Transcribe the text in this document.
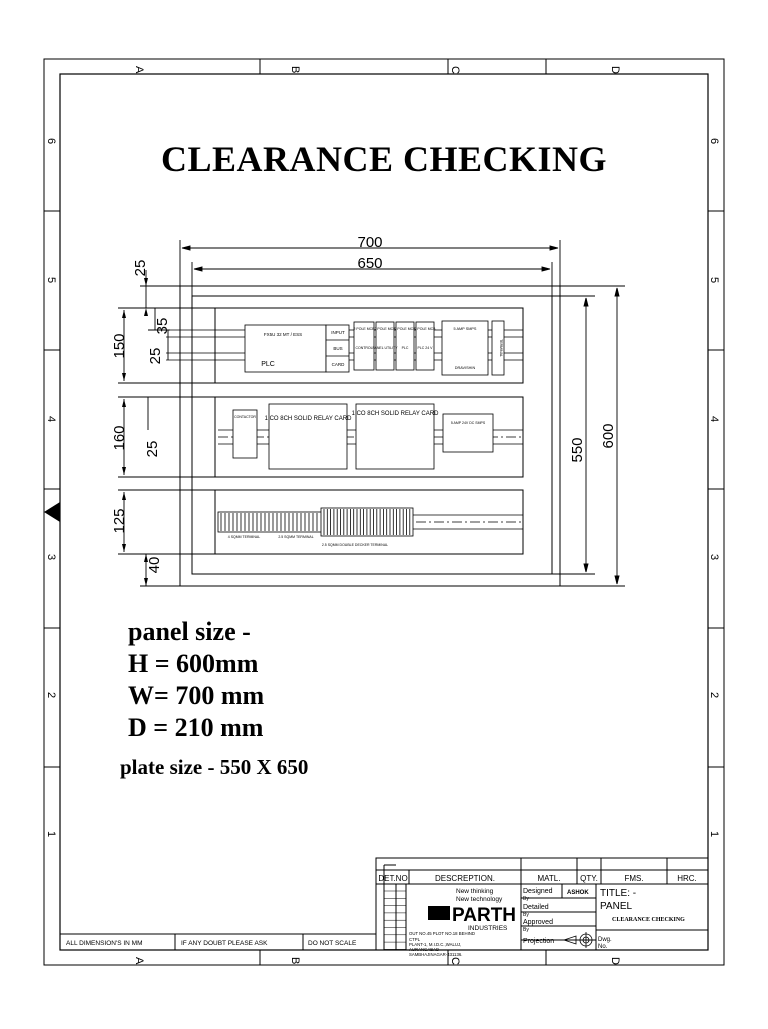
A	B	C	D
A	B	C	D
6
5
4
3
2
1
6
5
4
3
2
1
700
650
550
600
25
35
150 25
160 25
125
40
FX5U 32 MT / ESS
PLC
INPUT
BUS
CARD
2 POLE MCB 2 POLE MCB
2 POLE MCB
2 POLE MCB
CONTROL PANEL UTILITY PLC	PLC 24 V
5 AMP SMPS
DRAVISHIN
TERMINAL
CONTACTOR 1 CO 8CH SOLID RELAY CARD
1 CO 8CH SOLID RELAY CARD
5 AMP 24V DC SMPS
4 SQMM TERMINAL	2.5 SQMM TERMINAL
2.5 SQMM DOUBLE DECKER TERMINAL
ALL DIMENSION'S IN MM	IF ANY DOUBT PLEASE ASK	DO NOT SCALE
DET.NO	DESCREPTION.	MATL. QTY.	FMS.	HRC.
New thinking
New technology
PARTH
INDUSTRIES
OUT NO.45 PLOT NO.18 BEHIND
CTPL
PLANT-1, M.I.D.C.,WALUJ,
AURANGABAD
SAMBHAJINAGAR-431136.
Designed
By
ASHOK
Detailed
By
Approved
By
Projection	Dwg.
No.
TITLE: -
PANEL
CLEARANCE CHECKING
CLEARANCE CHECKING
panel size -
H = 600mm
W= 700 mm
D = 210 mm
plate size - 550 X 650
